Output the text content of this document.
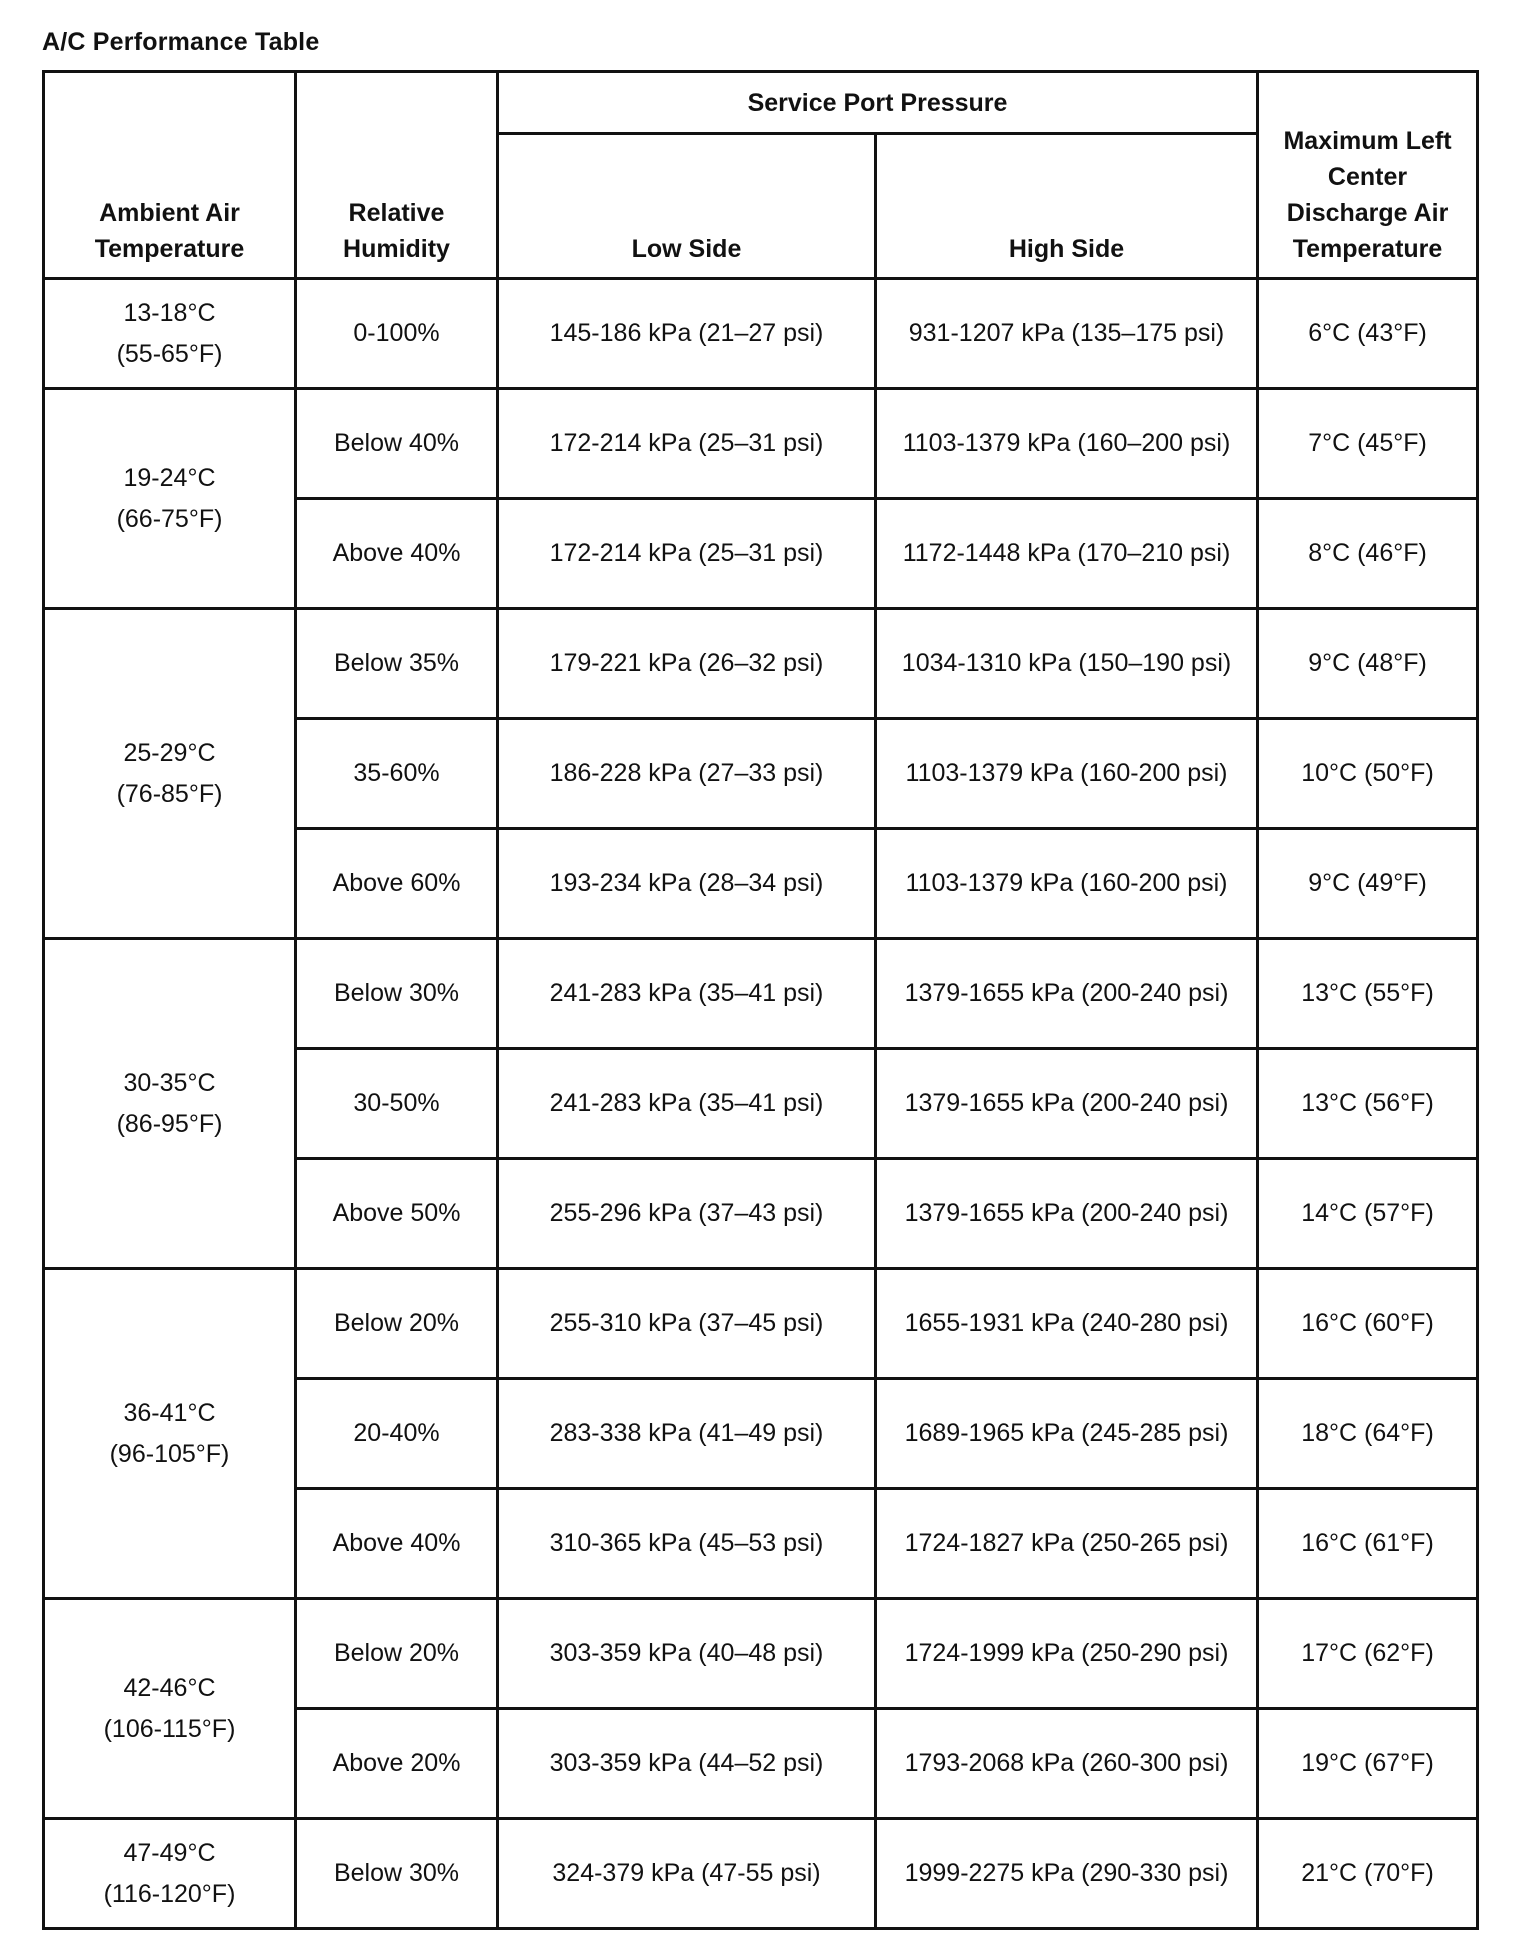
A/C Performance Table
Ambient Air Temperature	Relative Humidity	Service Port Pressure		Maximum Left Center Discharge Air Temperature
		Low Side	High Side	

13-18°C
(55-65°F)	0-100%	145-186 kPa (21–27 psi)	931-1207 kPa (135–175 psi)	6°C (43°F)

19-24°C
(66-75°F)	Below 40%	172-214 kPa (25–31 psi)	1103-1379 kPa (160–200 psi)	7°C (45°F)
	Above 40%	172-214 kPa (25–31 psi)	1172-1448 kPa (170–210 psi)	8°C (46°F)

25-29°C
(76-85°F)	Below 35%	179-221 kPa (26–32 psi)	1034-1310 kPa (150–190 psi)	9°C (48°F)
	35-60%	186-228 kPa (27–33 psi)	1103-1379 kPa (160-200 psi)	10°C (50°F)
	Above 60%	193-234 kPa (28–34 psi)	1103-1379 kPa (160-200 psi)	9°C (49°F)

30-35°C
(86-95°F)	Below 30%	241-283 kPa (35–41 psi)	1379-1655 kPa (200-240 psi)	13°C (55°F)
	30-50%	241-283 kPa (35–41 psi)	1379-1655 kPa (200-240 psi)	13°C (56°F)
	Above 50%	255-296 kPa (37–43 psi)	1379-1655 kPa (200-240 psi)	14°C (57°F)

36-41°C
(96-105°F)	Below 20%	255-310 kPa (37–45 psi)	1655-1931 kPa (240-280 psi)	16°C (60°F)
	20-40%	283-338 kPa (41–49 psi)	1689-1965 kPa (245-285 psi)	18°C (64°F)
	Above 40%	310-365 kPa (45–53 psi)	1724-1827 kPa (250-265 psi)	16°C (61°F)

42-46°C
(106-115°F)	Below 20%	303-359 kPa (40–48 psi)	1724-1999 kPa (250-290 psi)	17°C (62°F)
	Above 20%	303-359 kPa (44–52 psi)	1793-2068 kPa (260-300 psi)	19°C (67°F)

47-49°C
(116-120°F)	Below 30%	324-379 kPa (47-55 psi)	1999-2275 kPa (290-330 psi)	21°C (70°F)
